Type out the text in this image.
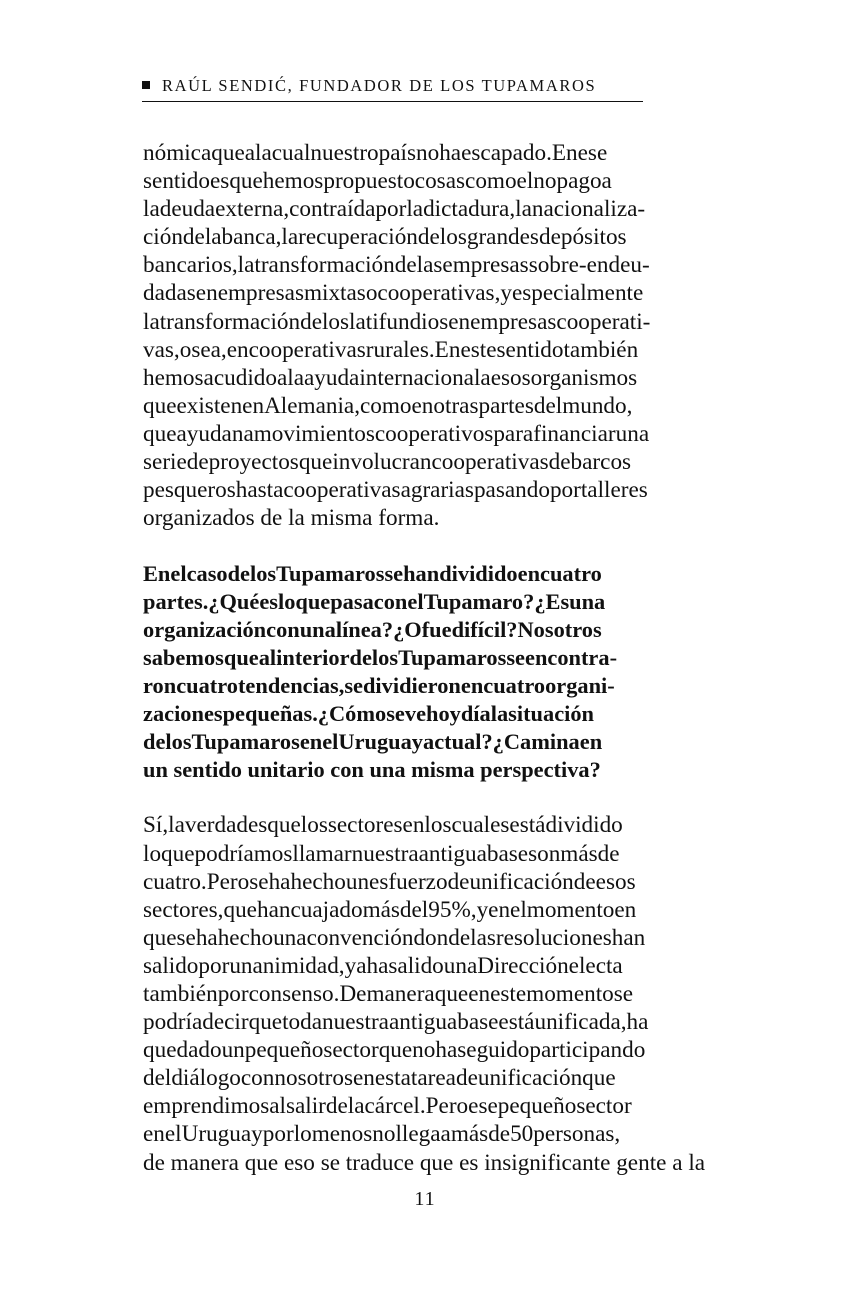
RAÚL SENDIĆ, FUNDADOR DE LOS TUPAMAROS
nómicaquealacualnuestropaísnohaescapado.Enese
sentidoesquehemospropuestocosascomoelnopagoa
ladeudaexterna,contraídaporladictadura,lanacionaliza-
cióndelabanca,larecuperacióndelosgrandesdepósitos
bancarios,latransformacióndelasempresassobre-endeu-
dadasenempresasmixtasocooperativas,yespecialmente
latransformacióndeloslatifundiosenempresascooperati-
vas,osea,encooperativasrurales.Enestesentidotambién
hemosacudidoalaayudainternacionalaesosorganismos
queexistenenAlemania,comoenotraspartesdelmundo,
queayudanamovimientoscooperativosparafinanciaruna
seriedeproyectosqueinvolucrancooperativasdebarcos
pesqueroshastacooperativasagrariaspasandoportalleres
organizados de la misma forma.
EnelcasodelosTupamarossehandivididoencuatro
partes.¿QuéesloquepasaconelTupamaro?¿Esuna
organizaciónconunalínea?¿Ofuedifícil?Nosotros
sabemosquealinteriordelosTupamarosseencontra-
roncuatrotendencias,sedividieronencuatroorgani-
zacionespequeñas.¿Cómosevehoydíalasituación
delosTupamarosenelUruguayactual?¿Caminaen
un sentido unitario con una misma perspectiva?
Sí,laverdadesquelossectoresenloscualesestádividido
loquepodríamosllamarnuestraantiguabasesonmásde
cuatro.Perosehahechounesfuerzodeunificacióndeesos
sectores,quehancuajadomásdel95%,yenelmomentoen
quesehahechounaconvencióndondelasresolucioneshan
salidoporunanimidad,yahasalidounaDirecciónelecta
tambiénporconsenso.Demaneraqueenestemomentose
podríadecirquetodanuestraantiguabaseestáunificada,ha
quedadounpequeñosectorquenohaseguidoparticipando
deldiálogoconnosotrosenestatareadeunificaciónque
emprendimosalsalirdelacárcel.Peroesepequeñosector
enelUruguayporlomenosnollegaamásde50personas,
de manera que eso se traduce que es insignificante gente a la
11
